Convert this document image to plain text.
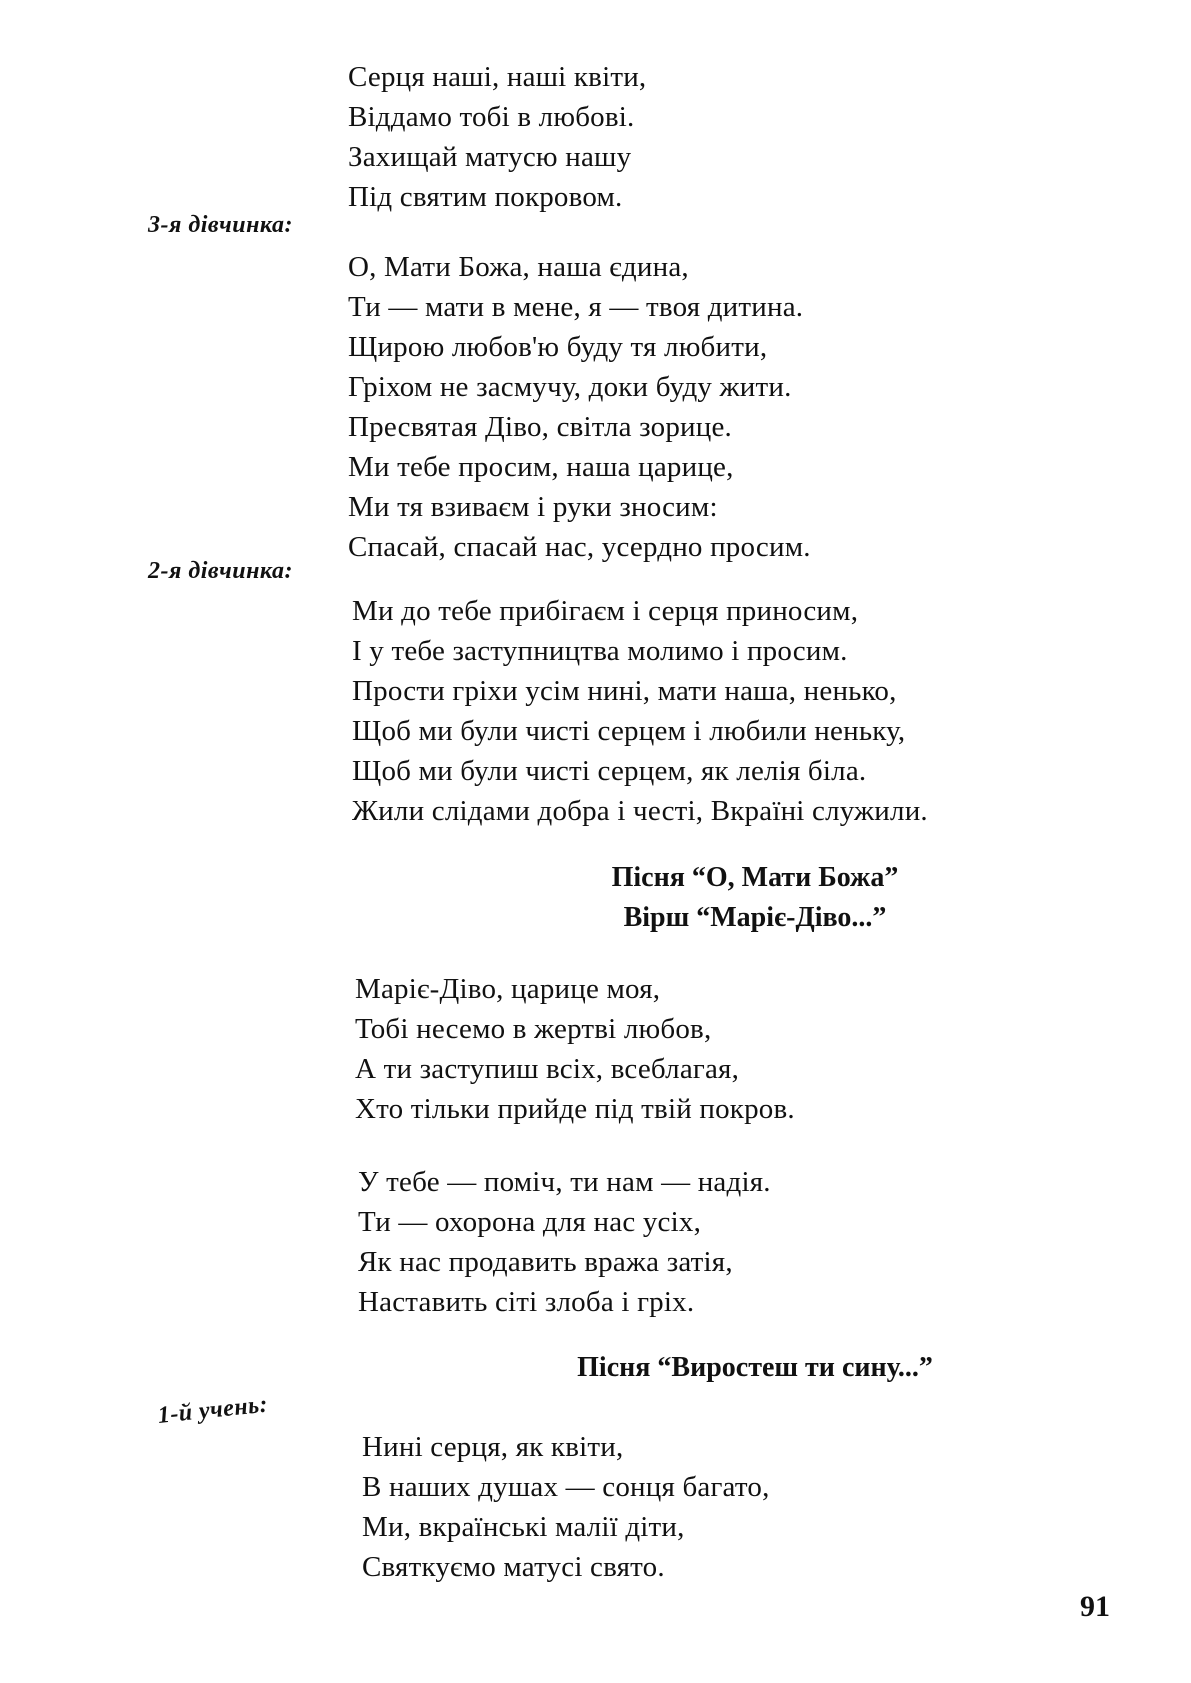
Серця наші, наші квіти,
Віддамо тобі в любові.
Захищай матусю нашу
Під святим покровом.
3-я дівчинка:
О, Мати Божа, наша єдина,
Ти — мати в мене, я — твоя дитина.
Щирою любов'ю буду тя любити,
Гріхом не засмучу, доки буду жити.
Пресвятая Діво, світла зорице.
Ми тебе просим, наша царице,
Ми тя взиваєм і руки зносим:
Спасай, спасай нас, усердно просим.
2-я дівчинка:
Ми до тебе прибігаєм і серця приносим,
І у тебе заступництва молимо і просим.
Прости гріхи усім нині, мати наша, ненько,
Щоб ми були чисті серцем і любили неньку,
Щоб ми були чисті серцем, як лелія біла.
Жили слідами добра і честі, Вкраїні служили.
Пісня “О, Мати Божа”
Вірш “Маріє-Діво...”
Маріє-Діво, царице моя,
Тобі несемо в жертві любов,
А ти заступиш всіх, всеблагая,
Хто тільки прийде під твій покров.
У тебе — поміч, ти нам — надія.
Ти — охорона для нас усіх,
Як нас продавить вража затія,
Наставить сіті злоба і гріх.
Пісня “Виростеш ти сину...”
1-й учень:
Нині серця, як квіти,
В наших душах — сонця багато,
Ми, вкраїнські малії діти,
Святкуємо матусі свято.
91
